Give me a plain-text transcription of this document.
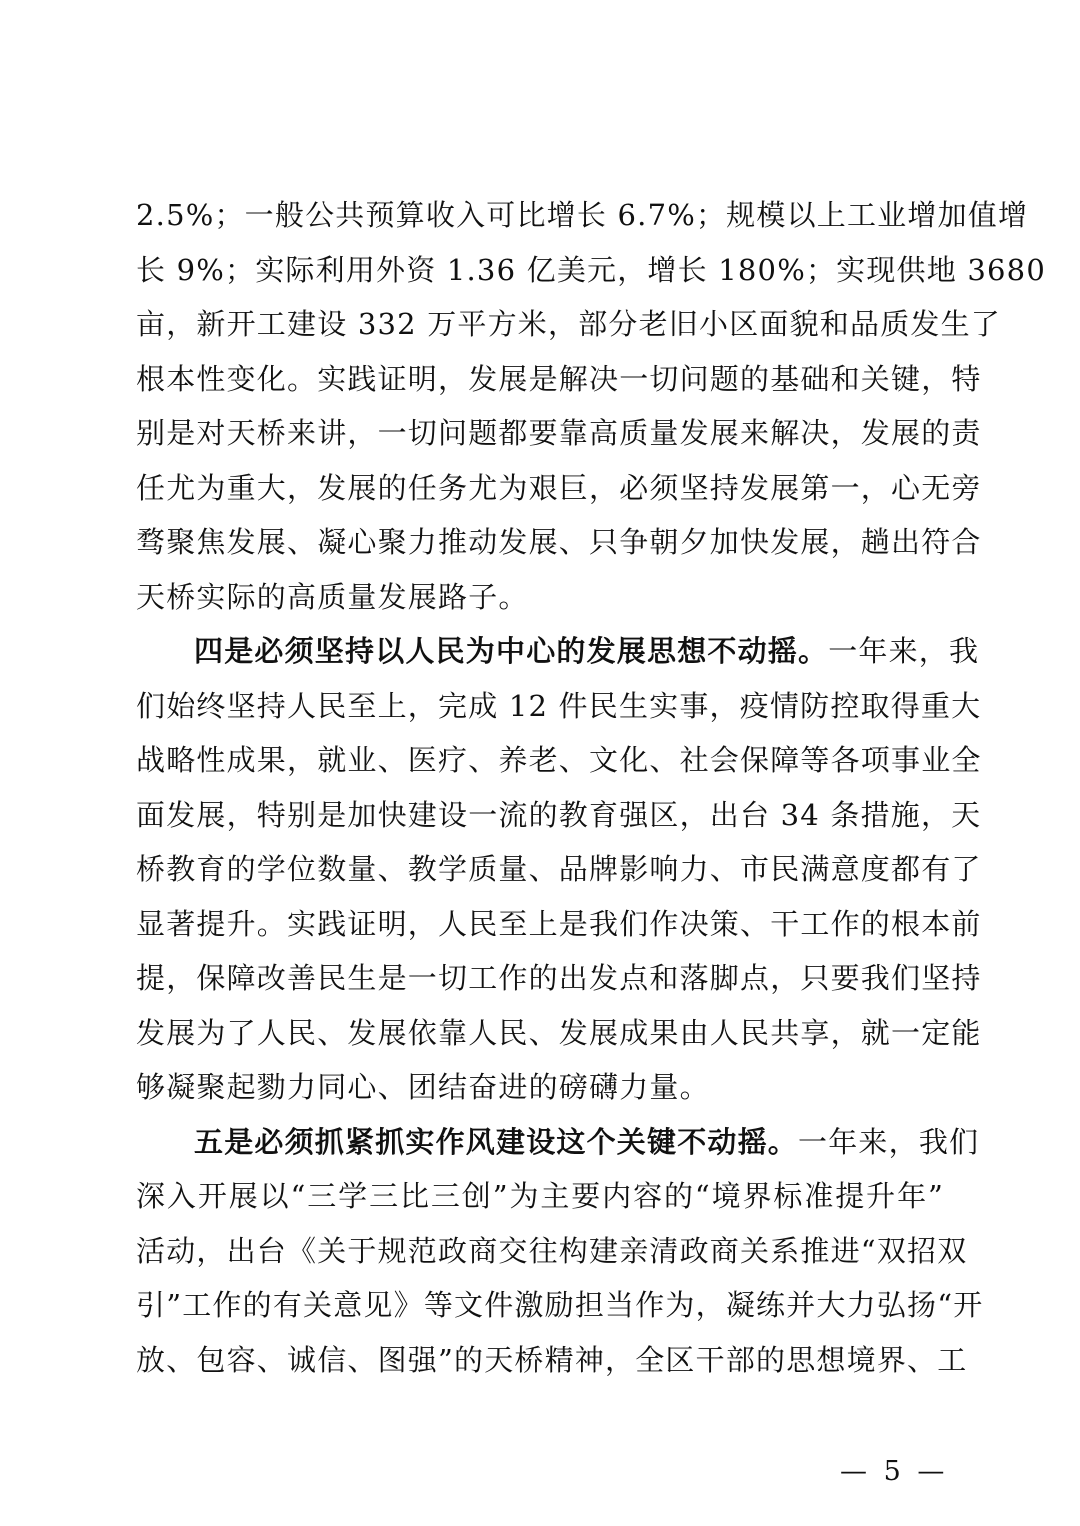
2.5%；一般公共预算收入可比增长 6.7%；规模以上工业增加值增
长 9%；实际利用外资 1.36 亿美元，增长 180%；实现供地 3680
亩，新开工建设 332 万平方米，部分老旧小区面貌和品质发生了
根本性变化。实践证明，发展是解决一切问题的基础和关键，特
别是对天桥来讲，一切问题都要靠高质量发展来解决，发展的责
任尤为重大，发展的任务尤为艰巨，必须坚持发展第一，心无旁
骛聚焦发展、凝心聚力推动发展、只争朝夕加快发展，趟出符合
天桥实际的高质量发展路子。
四是必须坚持以人民为中心的发展思想不动摇。一年来，我
们始终坚持人民至上，完成 12 件民生实事，疫情防控取得重大
战略性成果，就业、医疗、养老、文化、社会保障等各项事业全
面发展，特别是加快建设一流的教育强区，出台 34 条措施，天
桥教育的学位数量、教学质量、品牌影响力、市民满意度都有了
显著提升。实践证明，人民至上是我们作决策、干工作的根本前
提，保障改善民生是一切工作的出发点和落脚点，只要我们坚持
发展为了人民、发展依靠人民、发展成果由人民共享，就一定能
够凝聚起勠力同心、团结奋进的磅礴力量。
五是必须抓紧抓实作风建设这个关键不动摇。一年来，我们
深入开展以“三学三比三创”为主要内容的“境界标准提升年”
活动，出台《关于规范政商交往构建亲清政商关系推进“双招双
引”工作的有关意见》等文件激励担当作为，凝练并大力弘扬“开
放、包容、诚信、图强”的天桥精神，全区干部的思想境界、工
— 5 —
